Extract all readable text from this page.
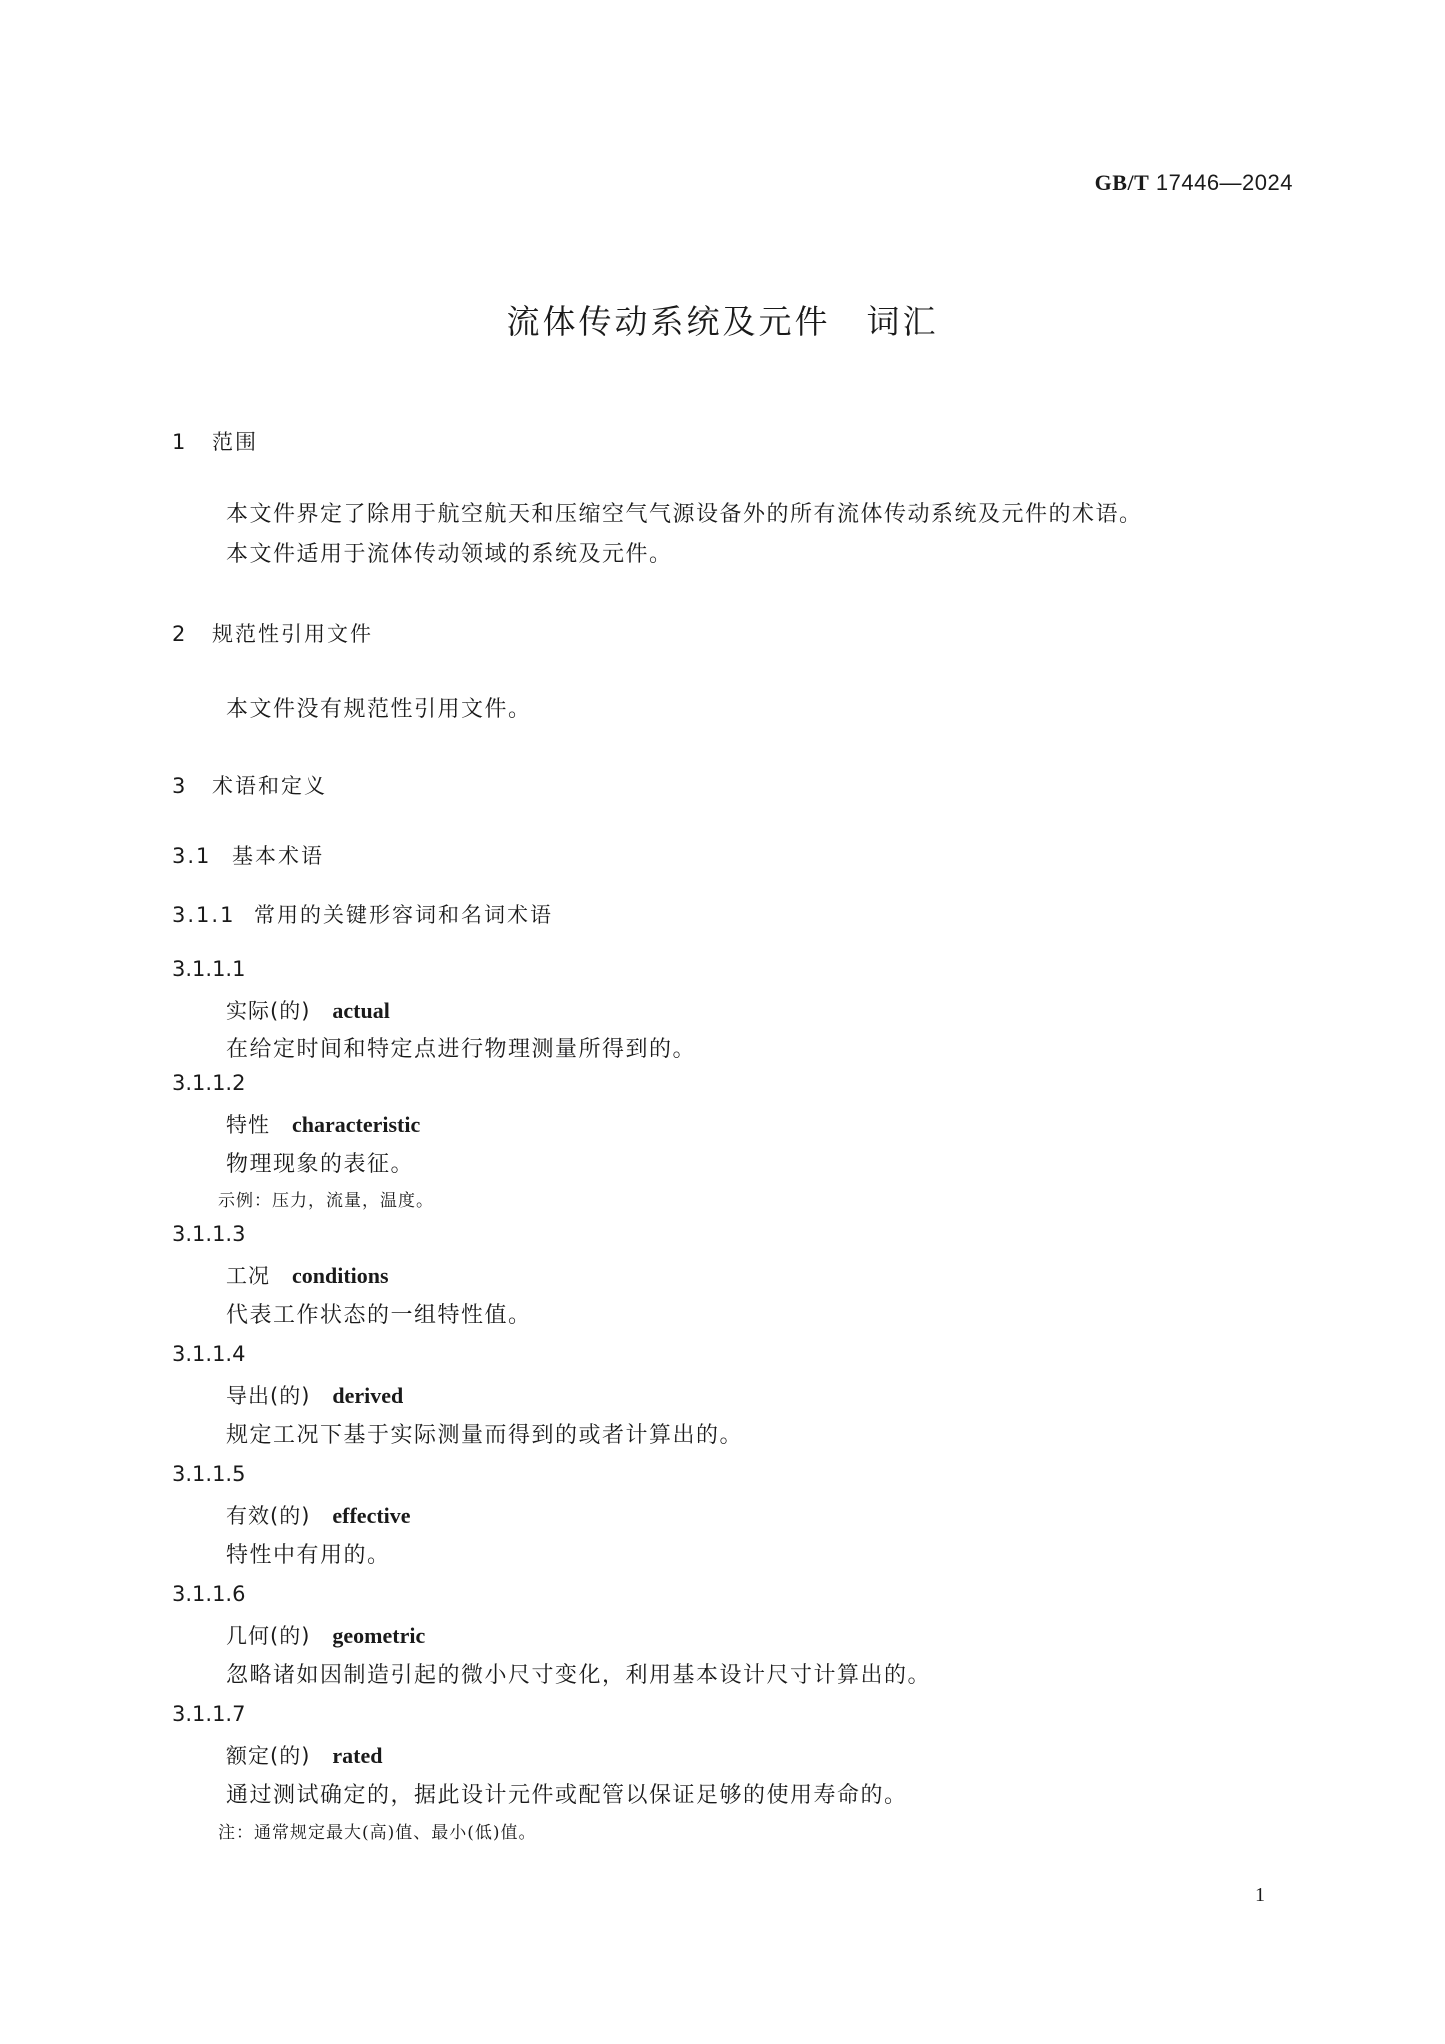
GB/T 17446—2024
流体传动系统及元件　词汇
1 范围
本文件界定了除用于航空航天和压缩空气气源设备外的所有流体传动系统及元件的术语。
本文件适用于流体传动领域的系统及元件。
2 规范性引用文件
本文件没有规范性引用文件。
3 术语和定义
3.1 基本术语
3.1.1 常用的关键形容词和名词术语
3.1.1.1
实际(的) actual
在给定时间和特定点进行物理测量所得到的。
3.1.1.2
特性 characteristic
物理现象的表征。
示例：压力，流量，温度。
3.1.1.3
工况 conditions
代表工作状态的一组特性值。
3.1.1.4
导出(的) derived
规定工况下基于实际测量而得到的或者计算出的。
3.1.1.5
有效(的) effective
特性中有用的。
3.1.1.6
几何(的) geometric
忽略诸如因制造引起的微小尺寸变化，利用基本设计尺寸计算出的。
3.1.1.7
额定(的) rated
通过测试确定的，据此设计元件或配管以保证足够的使用寿命的。
注：通常规定最大(高)值、最小(低)值。
1
